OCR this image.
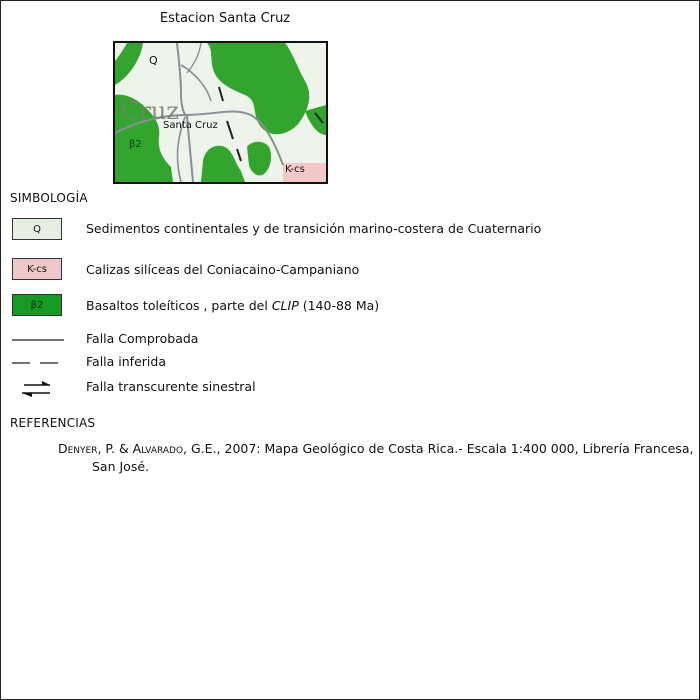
Estacion Santa Cruz
Q
Cruz
Santa Cruz
β2
K-cs
SIMBOLOGÍA
Q	Sedimentos continentales y de transición marino-costera de Cuaternario
K-cs	Calizas silíceas del Coniacaino-Campaniano
β2	Basaltos toleíticos , parte del CLIP (140-88 Ma)
Falla Comprobada
Falla inferida
Falla transcurente sinestral
REFERENCIAS
Denyer, P. & Alvarado, G.E., 2007: Mapa Geológico de Costa Rica.- Escala 1:400 000, Librería Francesa,
San José.
